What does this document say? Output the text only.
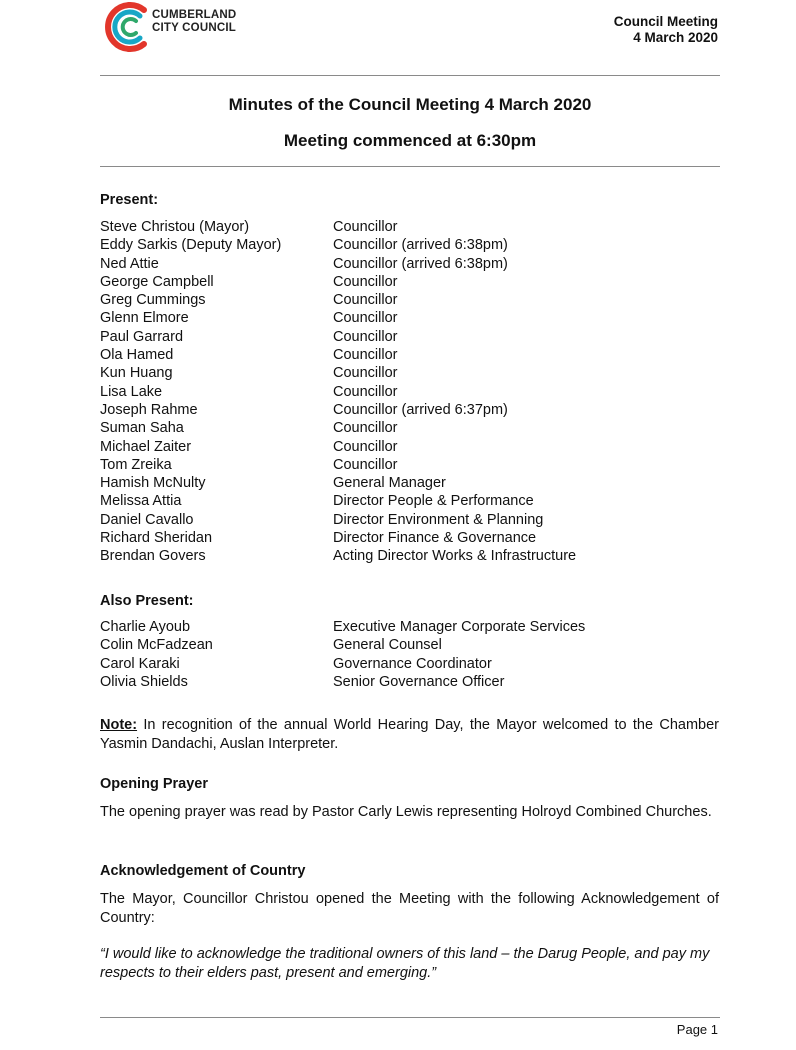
CUMBERLAND
CITY COUNCIL	Council Meeting
4 March 2020
Minutes of the Council Meeting 4 March 2020
Meeting commenced at 6:30pm
Present:
Steve Christou (Mayor)	Councillor
Eddy Sarkis (Deputy Mayor)	Councillor (arrived 6:38pm)
Ned Attie	Councillor (arrived 6:38pm)
George Campbell	Councillor
Greg Cummings	Councillor
Glenn Elmore	Councillor
Paul Garrard	Councillor
Ola Hamed	Councillor
Kun Huang	Councillor
Lisa Lake	Councillor
Joseph Rahme	Councillor (arrived 6:37pm)
Suman Saha	Councillor
Michael Zaiter	Councillor
Tom Zreika	Councillor
Hamish McNulty	General Manager
Melissa Attia	Director People & Performance
Daniel Cavallo	Director Environment & Planning
Richard Sheridan	Director Finance & Governance
Brendan Govers	Acting Director Works & Infrastructure
Also Present:
Charlie Ayoub	Executive Manager Corporate Services
Colin McFadzean	General Counsel
Carol Karaki	Governance Coordinator
Olivia Shields	Senior Governance Officer
Note: In recognition of the annual World Hearing Day, the Mayor welcomed to the Chamber Yasmin Dandachi, Auslan Interpreter.
Opening Prayer
The opening prayer was read by Pastor Carly Lewis representing Holroyd Combined Churches.
Acknowledgement of Country
The Mayor, Councillor Christou opened the Meeting with the following Acknowledgement of Country:
“I would like to acknowledge the traditional owners of this land – the Darug People, and pay my respects to their elders past, present and emerging.”
Page 1
